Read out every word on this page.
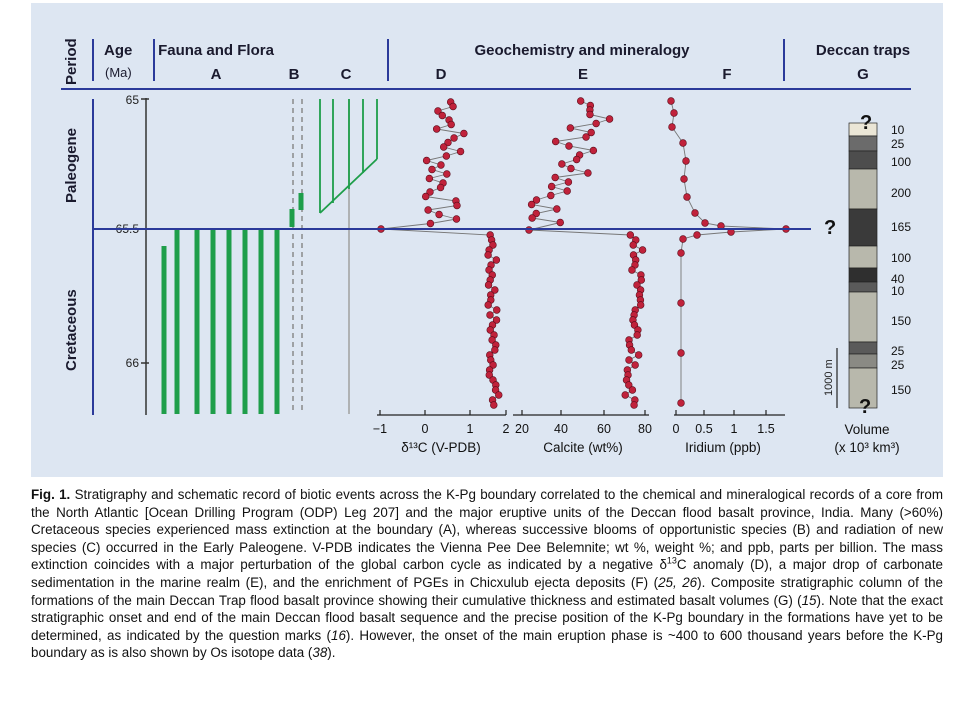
Period Age
(Ma)
Fauna and Flora	Geochemistry and mineralogy	Deccan traps
A	B	C	D	E	F	G
Paleogene
Cretaceous
65
65.5
66
−1	0	1 2 20 40 60 80 0 0.5 1 1.5
δ¹³C (V-PDB)	Calcite (wt%)	Iridium (ppb)
Volume
(x 10³ km³)
10
25
100
200
165
100
40
10
150
25
25
150
?
?
?
1000 m
Fig. 1. Stratigraphy and schematic record of biotic events across the K-Pg boundary correlated to the chemical and mineralogical records of a core from the North Atlantic [Ocean Drilling Program (ODP) Leg 207] and the major eruptive units of the Deccan flood basalt province, India. Many (>60%) Cretaceous species experienced mass extinction at the boundary (A), whereas successive blooms of opportunistic species (B) and radiation of new species (C) occurred in the Early Paleogene. V-PDB indicates the Vienna Pee Dee Belemnite; wt %, weight %; and ppb, parts per billion. The mass extinction coincides with a major perturbation of the global carbon cycle as indicated by a negative $\delta^{13}C$ anomaly (D), a major drop of carbonate sedimentation in the marine realm (E), and the enrichment of PGEs in Chicxulub ejecta deposits (F) (25, 26). Composite stratigraphic column of the formations of the main Deccan Trap flood basalt province showing their cumulative thickness and estimated basalt volumes (G) (15). Note that the exact stratigraphic onset and end of the main Deccan flood basalt sequence and the precise position of the K-Pg boundary in the formations have yet to be determined, as indicated by the question marks (16). However, the onset of the main eruption phase is ~400 to 600 thousand years before the K-Pg boundary as is also shown by Os isotope data (38).
